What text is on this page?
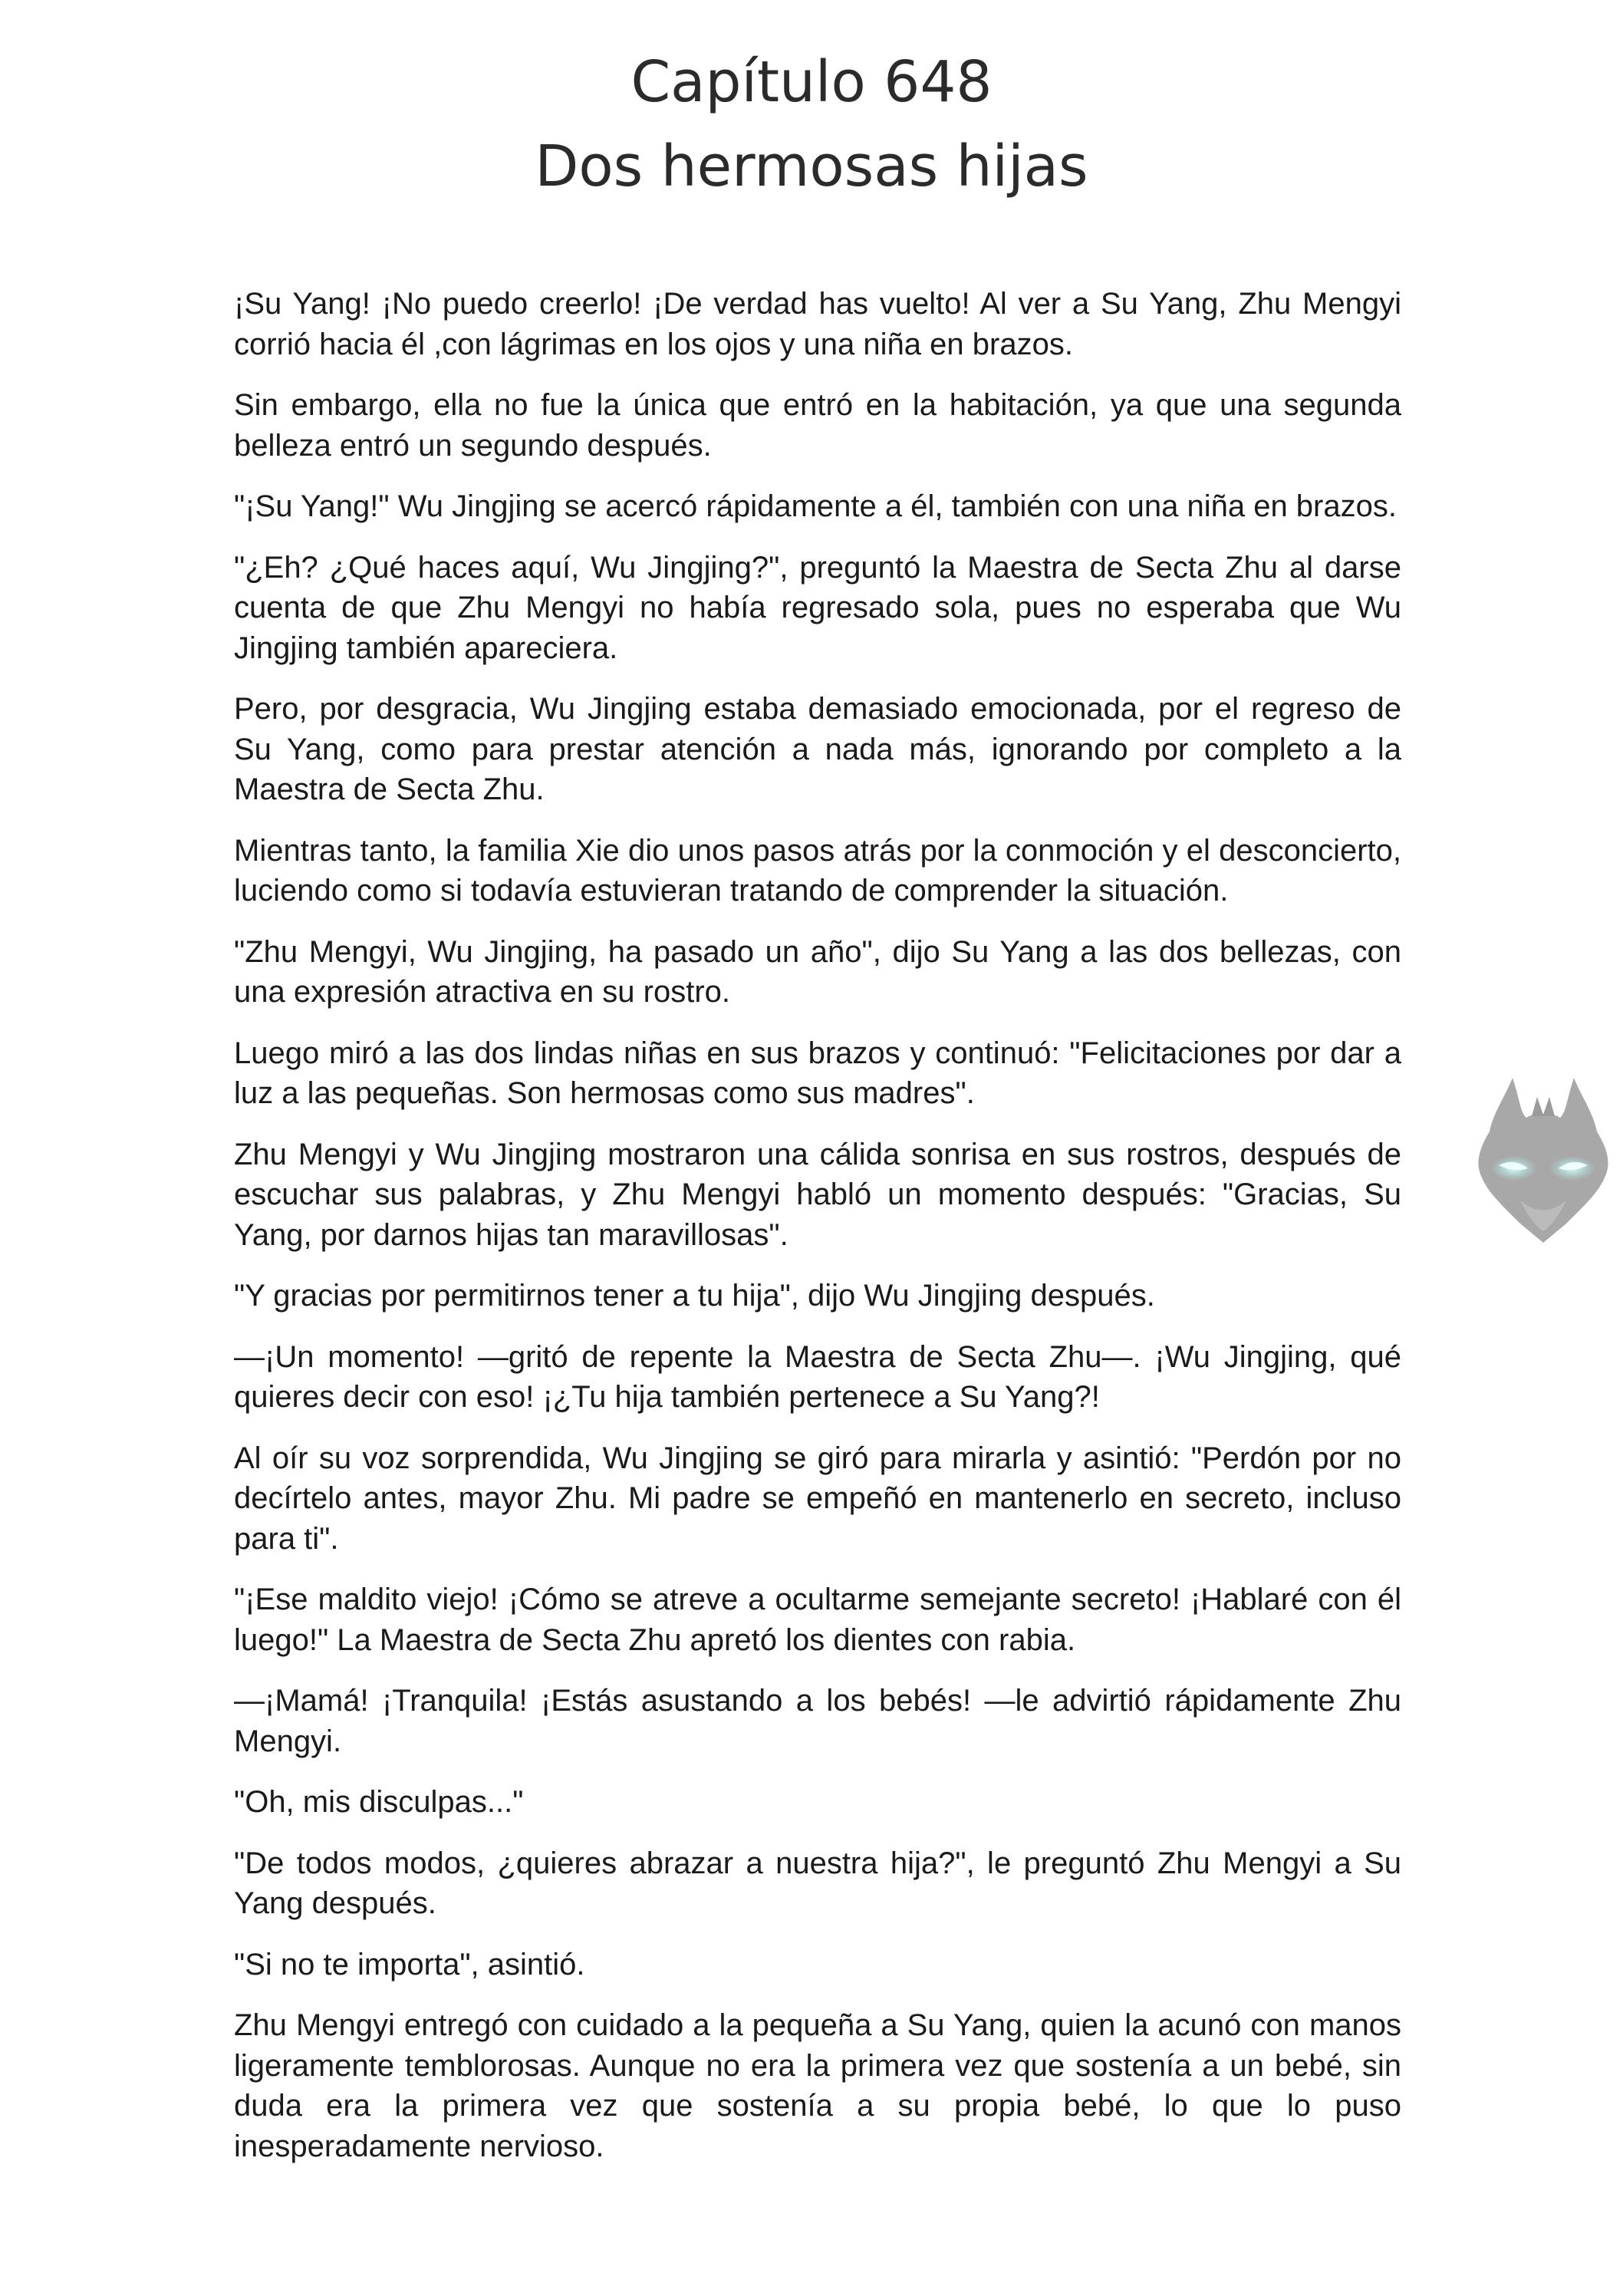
Capítulo 648
Dos hermosas hijas

¡Su Yang! ¡No puedo creerlo! ¡De verdad has vuelto! Al ver a Su Yang, Zhu Mengyi corrió hacia él ,con lágrimas en los ojos y una niña en brazos.

Sin embargo, ella no fue la única que entró en la habitación, ya que una segunda belleza entró un segundo después.

"¡Su Yang!" Wu Jingjing se acercó rápidamente a él, también con una niña en brazos.

"¿Eh? ¿Qué haces aquí, Wu Jingjing?", preguntó la Maestra de Secta Zhu al darse cuenta de que Zhu Mengyi no había regresado sola, pues no esperaba que Wu Jingjing también apareciera.

Pero, por desgracia, Wu Jingjing estaba demasiado emocionada, por el regreso de Su Yang, como para prestar atención a nada más, ignorando por completo a la Maestra de Secta Zhu.

Mientras tanto, la familia Xie dio unos pasos atrás por la conmoción y el desconcierto, luciendo como si todavía estuvieran tratando de comprender la situación.

"Zhu Mengyi, Wu Jingjing, ha pasado un año", dijo Su Yang a las dos bellezas, con una expresión atractiva en su rostro.

Luego miró a las dos lindas niñas en sus brazos y continuó: "Felicitaciones por dar a luz a las pequeñas. Son hermosas como sus madres".

Zhu Mengyi y Wu Jingjing mostraron una cálida sonrisa en sus rostros, después de escuchar sus palabras, y Zhu Mengyi habló un momento después: "Gracias, Su Yang, por darnos hijas tan maravillosas".

"Y gracias por permitirnos tener a tu hija", dijo Wu Jingjing después.

—¡Un momento! —gritó de repente la Maestra de Secta Zhu—. ¡Wu Jingjing, qué quieres decir con eso! ¡¿Tu hija también pertenece a Su Yang?!

Al oír su voz sorprendida, Wu Jingjing se giró para mirarla y asintió: "Perdón por no decírtelo antes, mayor Zhu. Mi padre se empeñó en mantenerlo en secreto, incluso para ti".

"¡Ese maldito viejo! ¡Cómo se atreve a ocultarme semejante secreto! ¡Hablaré con él luego!" La Maestra de Secta Zhu apretó los dientes con rabia.

—¡Mamá! ¡Tranquila! ¡Estás asustando a los bebés! —le advirtió rápidamente Zhu Mengyi.

"Oh, mis disculpas..."

"De todos modos, ¿quieres abrazar a nuestra hija?", le preguntó Zhu Mengyi a Su Yang después.

"Si no te importa", asintió.

Zhu Mengyi entregó con cuidado a la pequeña a Su Yang, quien la acunó con manos ligeramente temblorosas. Aunque no era la primera vez que sostenía a un bebé, sin duda era la primera vez que sostenía a su propia bebé, lo que lo puso inesperadamente nervioso.
